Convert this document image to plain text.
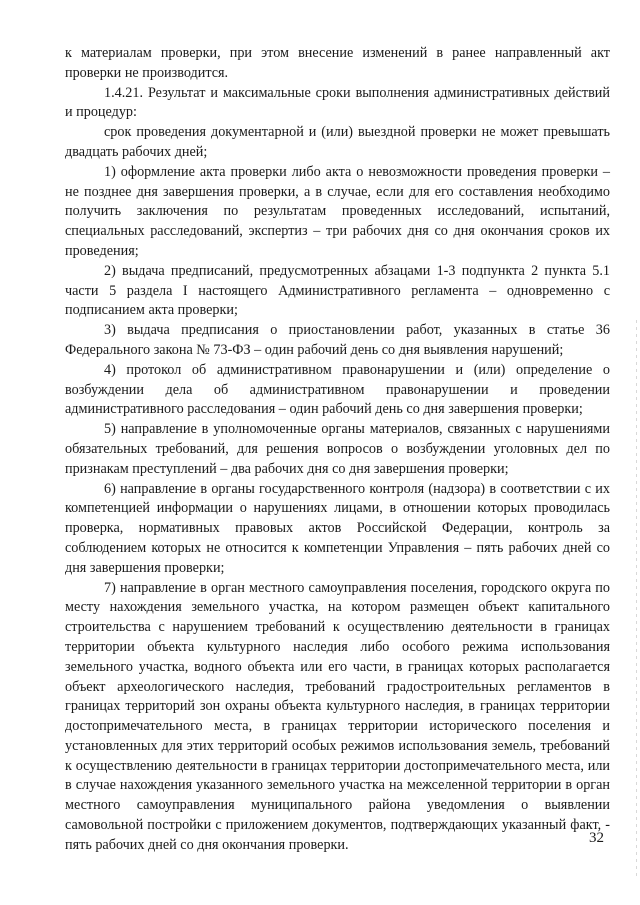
к материалам проверки, при этом внесение изменений в ранее направленный акт проверки не производится.

1.4.21. Результат и максимальные сроки выполнения административных действий и процедур:

срок проведения документарной и (или) выездной проверки не может превышать двадцать рабочих дней;

1) оформление акта проверки либо акта о невозможности проведения проверки – не позднее дня завершения проверки, а в случае, если для его составления необходимо получить заключения по результатам проведенных исследований, испытаний, специальных расследований, экспертиз – три рабочих дня со дня окончания сроков их проведения;

2) выдача предписаний, предусмотренных абзацами 1-3 подпункта 2 пункта 5.1 части 5 раздела I настоящего Административного регламента – одновременно с подписанием акта проверки;

3) выдача предписания о приостановлении работ, указанных в статье 36 Федерального закона № 73-ФЗ – один рабочий день со дня выявления нарушений;

4) протокол об административном правонарушении и (или) определение о возбуждении дела об административном правонарушении и проведении административного расследования – один рабочий день со дня завершения проверки;

5) направление в уполномоченные органы материалов, связанных с нарушениями обязательных требований, для решения вопросов о возбуждении уголовных дел по признакам преступлений – два рабочих дня со дня завершения проверки;

6) направление в органы государственного контроля (надзора) в соответствии с их компетенцией информации о нарушениях лицами, в отношении которых проводилась проверка, нормативных правовых актов Российской Федерации, контроль за соблюдением которых не относится к компетенции Управления – пять рабочих дней со дня завершения проверки;

7) направление в орган местного самоуправления поселения, городского округа по месту нахождения земельного участка, на котором размещен объект капитального строительства с нарушением требований к осуществлению деятельности в границах территории объекта культурного наследия либо особого режима использования земельного участка, водного объекта или его части, в границах которых располагается объект археологического наследия, требований градостроительных регламентов в границах территорий зон охраны объекта культурного наследия, в границах территории достопримечательного места, в границах территории исторического поселения и установленных для этих территорий особых режимов использования земель, требований к осуществлению деятельности в границах территории достопримечательного места, или в случае нахождения указанного земельного участка на межселенной территории в орган местного самоуправления муниципального района уведомления о выявлении самовольной постройки с приложением документов, подтверждающих указанный факт, - пять рабочих дней со дня окончания проверки.	32
